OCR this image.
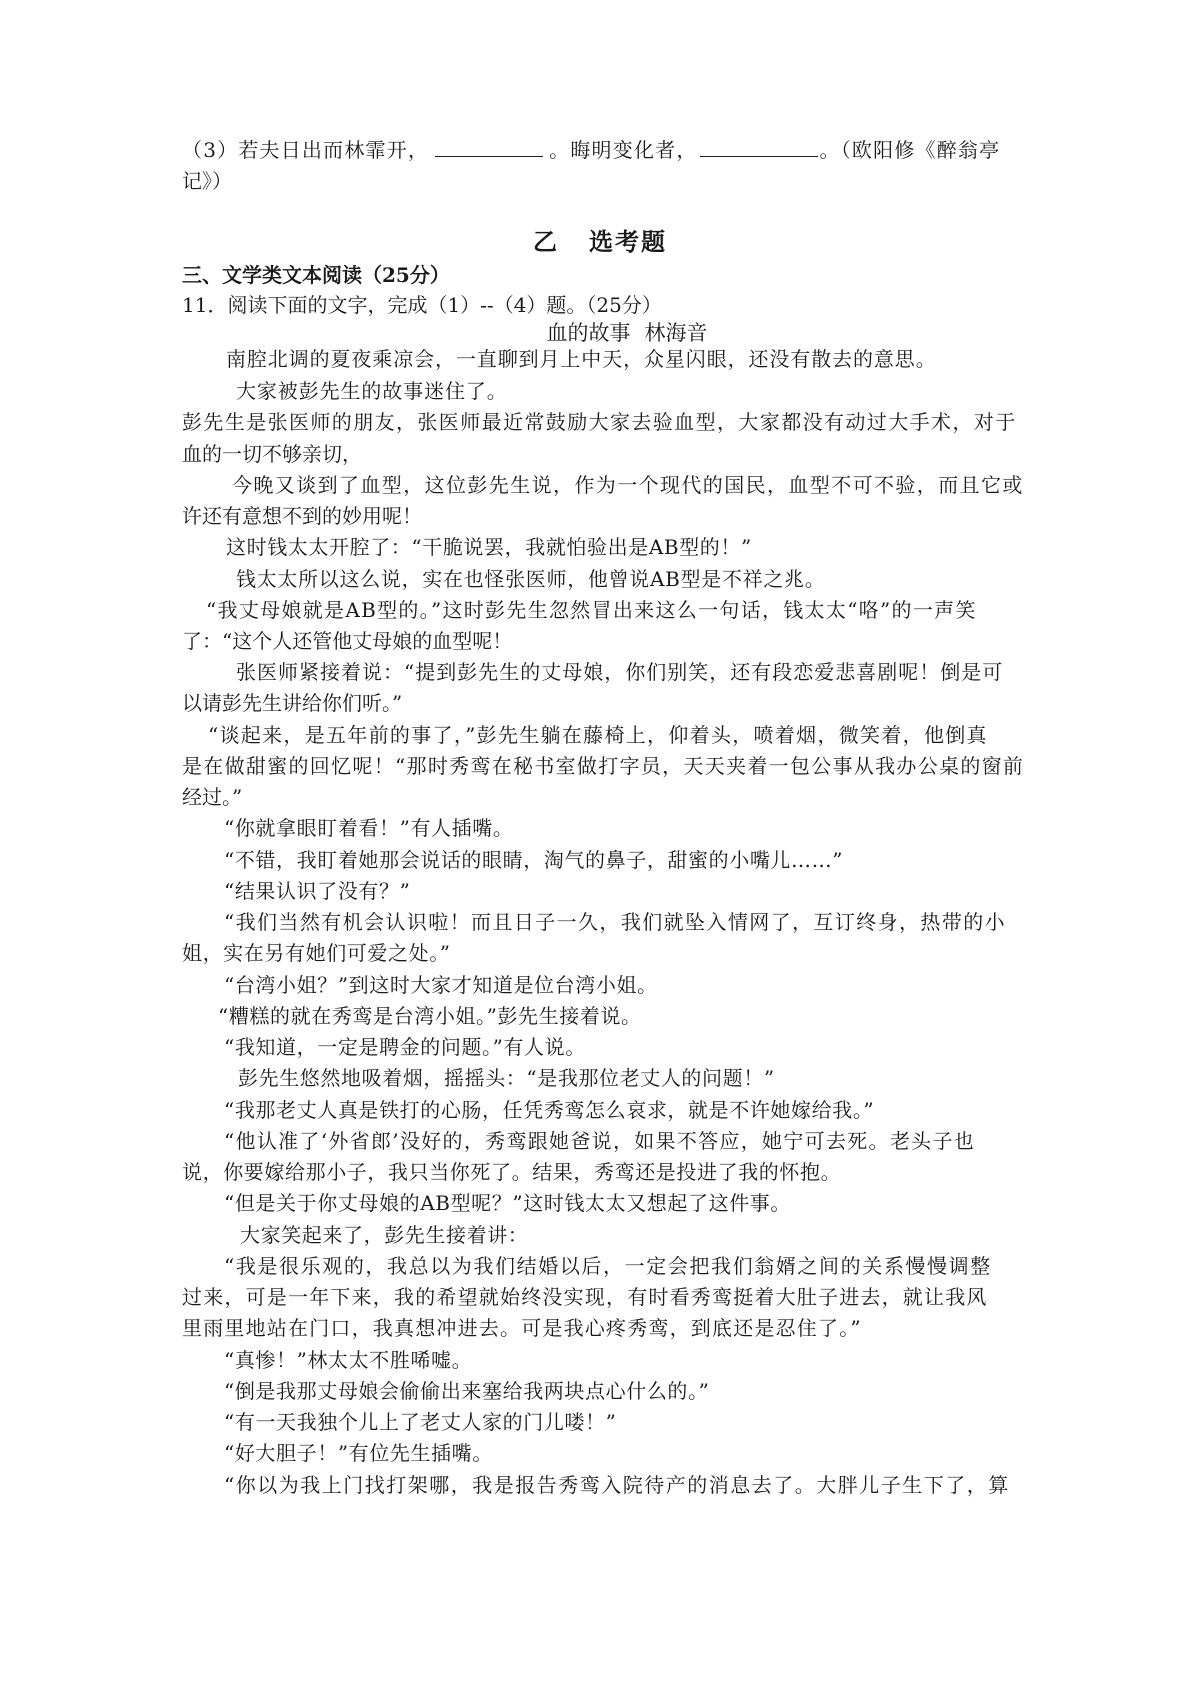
（3）若夫日出而林霏开，	。晦明变化者，	。（欧阳修《醉翁亭

记》）

乙 选考题

三、文学类文本阅读（25分）

11．阅读下面的文字，完成（1）--（4）题。（25分）

血的故事 林海音

南腔北调的夏夜乘凉会，一直聊到月上中天，众星闪眼，还没有散去的意思。

大家被彭先生的故事迷住了。

彭先生是张医师的朋友，张医师最近常鼓励大家去验血型，大家都没有动过大手术，对于

血的一切不够亲切，

今晚又谈到了血型，这位彭先生说，作为一个现代的国民，血型不可不验，而且它或

许还有意想不到的妙用呢！

这时钱太太开腔了：“干脆说罢，我就怕验出是AB型的！”

钱太太所以这么说，实在也怪张医师，他曾说AB型是不祥之兆。

“我丈母娘就是AB型的。”这时彭先生忽然冒出来这么一句话，钱太太“咯”的一声笑

了：“这个人还管他丈母娘的血型呢！

张医师紧接着说：“提到彭先生的丈母娘，你们别笑，还有段恋爱悲喜剧呢！倒是可

以请彭先生讲给你们听。”

“谈起来，是五年前的事了，”彭先生躺在藤椅上，仰着头，喷着烟，微笑着，他倒真

是在做甜蜜的回忆呢！“那时秀鸾在秘书室做打字员，天天夹着一包公事从我办公桌的窗前

经过。”

“你就拿眼盯着看！”有人插嘴。

“不错，我盯着她那会说话的眼睛，淘气的鼻子，甜蜜的小嘴儿……”

“结果认识了没有？”

“我们当然有机会认识啦！而且日子一久，我们就坠入情网了，互订终身，热带的小

姐，实在另有她们可爱之处。”

“台湾小姐？”到这时大家才知道是位台湾小姐。

“糟糕的就在秀鸾是台湾小姐。”彭先生接着说。

“我知道，一定是聘金的问题。”有人说。

彭先生悠然地吸着烟，摇摇头：“是我那位老丈人的问题！”

“我那老丈人真是铁打的心肠，任凭秀鸾怎么哀求，就是不许她嫁给我。”

“他认准了‘外省郎’没好的，秀鸾跟她爸说，如果不答应，她宁可去死。老头子也

说，你要嫁给那小子，我只当你死了。结果，秀鸾还是投进了我的怀抱。

“但是关于你丈母娘的AB型呢？”这时钱太太又想起了这件事。

大家笑起来了，彭先生接着讲：

“我是很乐观的，我总以为我们结婚以后，一定会把我们翁婿之间的关系慢慢调整

过来，可是一年下来，我的希望就始终没实现，有时看秀鸾挺着大肚子进去，就让我风

里雨里地站在门口，我真想冲进去。可是我心疼秀鸾，到底还是忍住了。”

“真惨！”林太太不胜唏嘘。

“倒是我那丈母娘会偷偷出来塞给我两块点心什么的。”

“有一天我独个儿上了老丈人家的门儿喽！”

“好大胆子！”有位先生插嘴。

“你以为我上门找打架哪，我是报告秀鸾入院待产的消息去了。大胖儿子生下了，算
